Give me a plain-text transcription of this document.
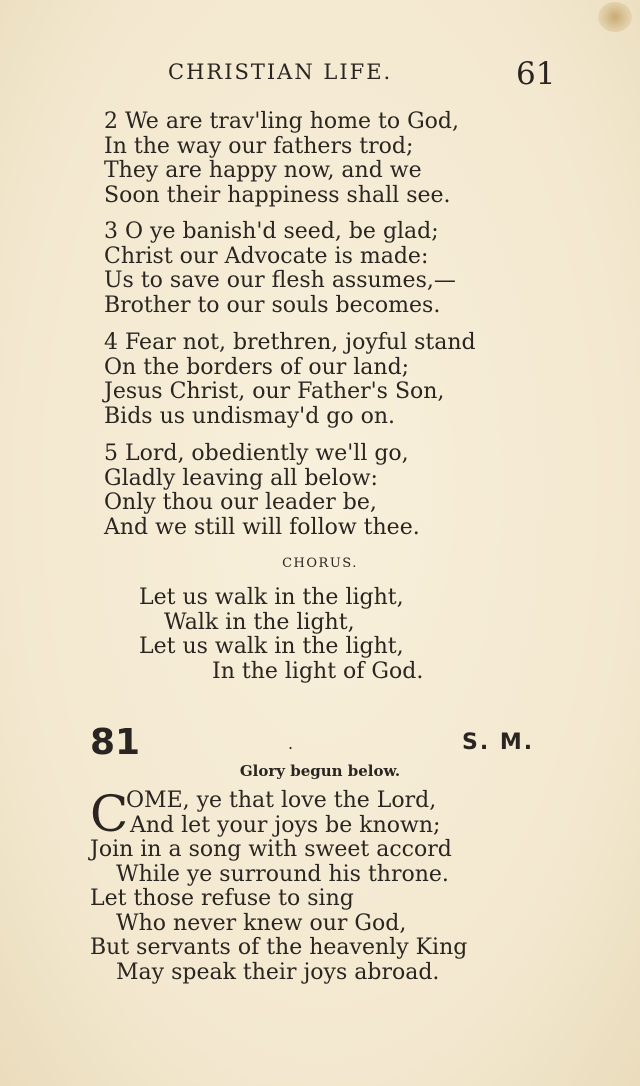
CHRISTIAN LIFE.	61
2 We are trav'ling home to God,
In the way our fathers trod;
They are happy now, and we
Soon their happiness shall see.
3 O ye banish'd seed, be glad;
Christ our Advocate is made:
Us to save our flesh assumes,—
Brother to our souls becomes.
4 Fear not, brethren, joyful stand
On the borders of our land;
Jesus Christ, our Father's Son,
Bids us undismay'd go on.
5 Lord, obediently we'll go,
Gladly leaving all below:
Only thou our leader be,
And we still will follow thee.
CHORUS.
Let us walk in the light,
Walk in the light,
Let us walk in the light,
In the light of God.
81	.	S. M.
Glory begun below.
C
OME, ye that love the Lord,
And let your joys be known;
Join in a song with sweet accord
While ye surround his throne.
Let those refuse to sing
Who never knew our God,
But servants of the heavenly King
May speak their joys abroad.
